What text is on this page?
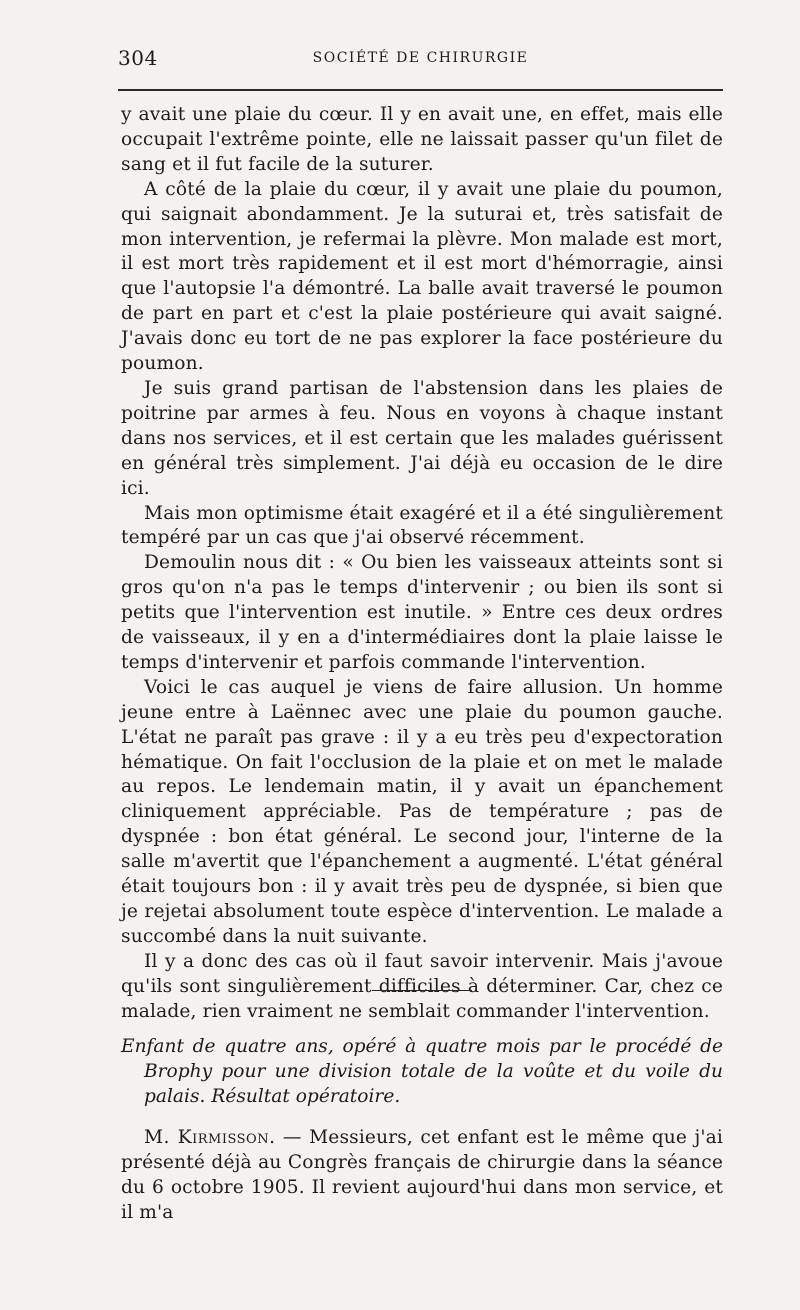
304	SOCIÉTÉ DE CHIRURGIE

y avait une plaie du cœur. Il y en avait une, en effet, mais elle occupait l'extrême pointe, elle ne laissait passer qu'un filet de sang et il fut facile de la suturer.

A côté de la plaie du cœur, il y avait une plaie du poumon, qui saignait abondamment. Je la suturai et, très satisfait de mon intervention, je refermai la plèvre. Mon malade est mort, il est mort très rapidement et il est mort d'hémorragie, ainsi que l'autopsie l'a démontré. La balle avait traversé le poumon de part en part et c'est la plaie postérieure qui avait saigné. J'avais donc eu tort de ne pas explorer la face postérieure du poumon.

Je suis grand partisan de l'abstension dans les plaies de poitrine par armes à feu. Nous en voyons à chaque instant dans nos services, et il est certain que les malades guérissent en général très simplement. J'ai déjà eu occasion de le dire ici.

Mais mon optimisme était exagéré et il a été singulièrement tempéré par un cas que j'ai observé récemment.

Demoulin nous dit : « Ou bien les vaisseaux atteints sont si gros qu'on n'a pas le temps d'intervenir ; ou bien ils sont si petits que l'intervention est inutile. » Entre ces deux ordres de vaisseaux, il y en a d'intermédiaires dont la plaie laisse le temps d'intervenir et parfois commande l'intervention.

Voici le cas auquel je viens de faire allusion. Un homme jeune entre à Laënnec avec une plaie du poumon gauche. L'état ne paraît pas grave : il y a eu très peu d'expectoration hématique. On fait l'occlusion de la plaie et on met le malade au repos. Le lendemain matin, il y avait un épanchement cliniquement appréciable. Pas de température ; pas de dyspnée : bon état général. Le second jour, l'interne de la salle m'avertit que l'épanchement a augmenté. L'état général était toujours bon : il y avait très peu de dyspnée, si bien que je rejetai absolument toute espèce d'intervention. Le malade a succombé dans la nuit suivante.

Il y a donc des cas où il faut savoir intervenir. Mais j'avoue qu'ils sont singulièrement difficiles à déterminer. Car, chez ce malade, rien vraiment ne semblait commander l'intervention.

Enfant de quatre ans, opéré à quatre mois par le procédé de Brophy pour une division totale de la voûte et du voile du palais. Résultat opératoire.

M. Kirmisson. — Messieurs, cet enfant est le même que j'ai présenté déjà au Congrès français de chirurgie dans la séance du 6 octobre 1905. Il revient aujourd'hui dans mon service, et il m'a
